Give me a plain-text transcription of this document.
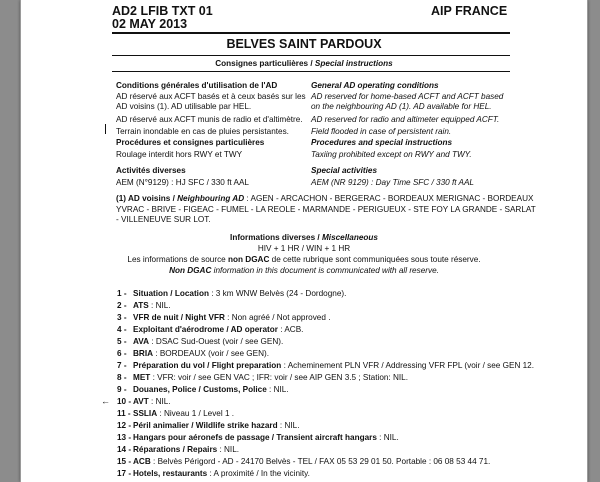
AD2 LFIB TXT 01
02 MAY 2013
AIP FRANCE
BELVES SAINT PARDOUX
Consignes particulières / Special instructions
Conditions générales d'utilisation de l'AD
AD réservé aux ACFT basés et à ceux basés sur les
AD voisins (1). AD utilisable par HEL.
AD réservé aux ACFT munis de radio et d'altimètre.
Terrain inondable en cas de pluies persistantes.
Procédures et consignes particulières
Roulage interdit hors RWY et TWY
Activités diverses
AEM (N°9129) : HJ SFC / 330 ft AAL
General AD operating conditions
AD reserved for home-based ACFT and ACFT based
on the neighbouring AD (1). AD available for HEL.
AD reserved for radio and altimeter equipped ACFT.
Field flooded in case of persistent rain.
Procedures and special instructions
Taxiing prohibited except on RWY and TWY.
Special activities
AEM (NR 9129) : Day Time SFC / 330 ft AAL
(1) AD voisins / Neighbouring AD : AGEN - ARCACHON - BERGERAC - BORDEAUX MERIGNAC - BORDEAUX
YVRAC - BRIVE - FIGEAC - FUMEL - LA REOLE - MARMANDE - PERIGUEUX - STE FOY LA GRANDE - SARLAT
- VILLENEUVE SUR LOT.
Informations diverses / Miscellaneous
HIV + 1 HR / WIN + 1 HR
Les informations de source non DGAC de cette rubrique sont communiquées sous toute réserve.
Non DGAC information in this document is communicated with all reserve.
1 - Situation / Location : 3 km WNW Belvès (24 - Dordogne).
2 - ATS : NIL.
3 - VFR de nuit / Night VFR : Non agréé / Not approved .
4 - Exploitant d'aérodrome / AD operator : ACB.
5 - AVA : DSAC Sud-Ouest (voir / see GEN).
6 - BRIA : BORDEAUX (voir / see GEN).
7 - Préparation du vol / Flight preparation : Acheminement PLN VFR / Addressing VFR FPL (voir / see GEN 12.
8 - MET : VFR: voir / see GEN VAC ; IFR: voir / see AIP GEN 3.5 ; Station: NIL.
9 - Douanes, Police / Customs, Police : NIL.
10 - AVT : NIL.
11 - SSLIA : Niveau 1 / Level 1 .
12 - Péril animalier / Wildlife strike hazard : NIL.
13 - Hangars pour aéronefs de passage / Transient aircraft hangars : NIL.
14 - Réparations / Repairs : NIL.
15 - ACB : Belvès Périgord - AD - 24170 Belvès - TEL / FAX 05 53 29 01 50. Portable : 06 08 53 44 71.
17 - Hotels, restaurants : A proximité / In the vicinity.
←
